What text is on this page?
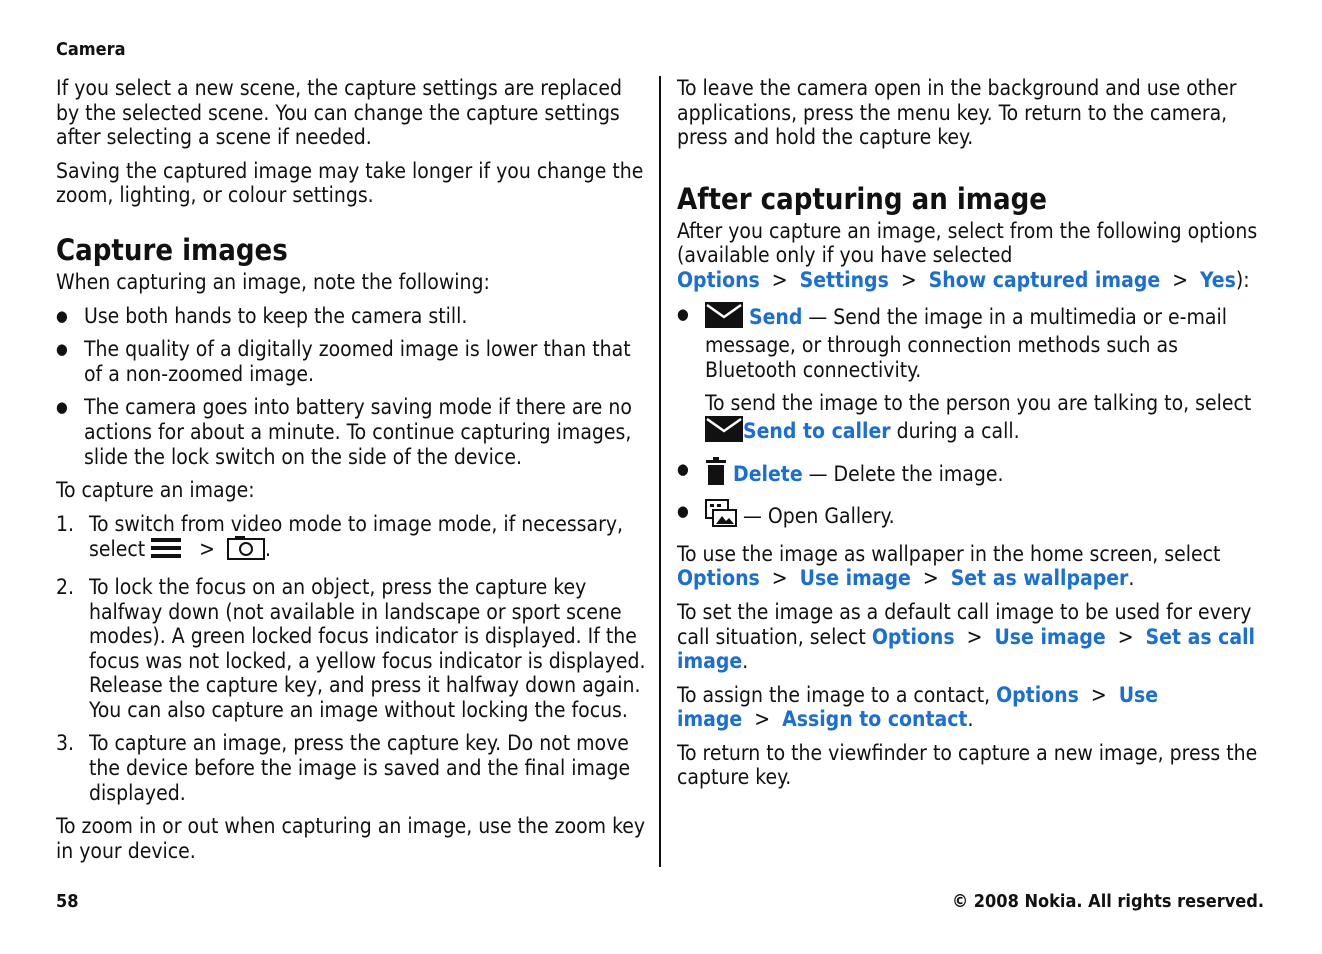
Camera

If you select a new scene, the capture settings are replaced by the selected scene. You can change the capture settings after selecting a scene if needed.

Saving the captured image may take longer if you change the zoom, lighting, or colour settings.

Capture images

When capturing an image, note the following:

● Use both hands to keep the camera still.
● The quality of a digitally zoomed image is lower than that of a non-zoomed image.
● The camera goes into battery saving mode if there are no actions for about a minute. To continue capturing images, slide the lock switch on the side of the device.

To capture an image:

1. To switch from video mode to image mode, if necessary, select	> .
2. To lock the focus on an object, press the capture key halfway down (not available in landscape or sport scene modes). A green locked focus indicator is displayed. If the focus was not locked, a yellow focus indicator is displayed. Release the capture key, and press it halfway down again. You can also capture an image without locking the focus.
3. To capture an image, press the capture key. Do not move the device before the image is saved and the final image displayed.

To zoom in or out when capturing an image, use the zoom key in your device.

To leave the camera open in the background and use other applications, press the menu key. To return to the camera, press and hold the capture key.

After capturing an image

After you capture an image, select from the following options (available only if you have selected Options > Settings > Show captured image > Yes):

● Send — Send the image in a multimedia or e-mail message, or through connection methods such as Bluetooth connectivity.
To send the image to the person you are talking to, select Send to caller during a call.
● Delete — Delete the image.
● — Open Gallery.

To use the image as wallpaper in the home screen, select Options > Use image > Set as wallpaper.

To set the image as a default call image to be used for every call situation, select Options > Use image > Set as call image.

To assign the image to a contact, Options > Use image > Assign to contact.

To return to the viewfinder to capture a new image, press the capture key.

58	© 2008 Nokia. All rights reserved.
